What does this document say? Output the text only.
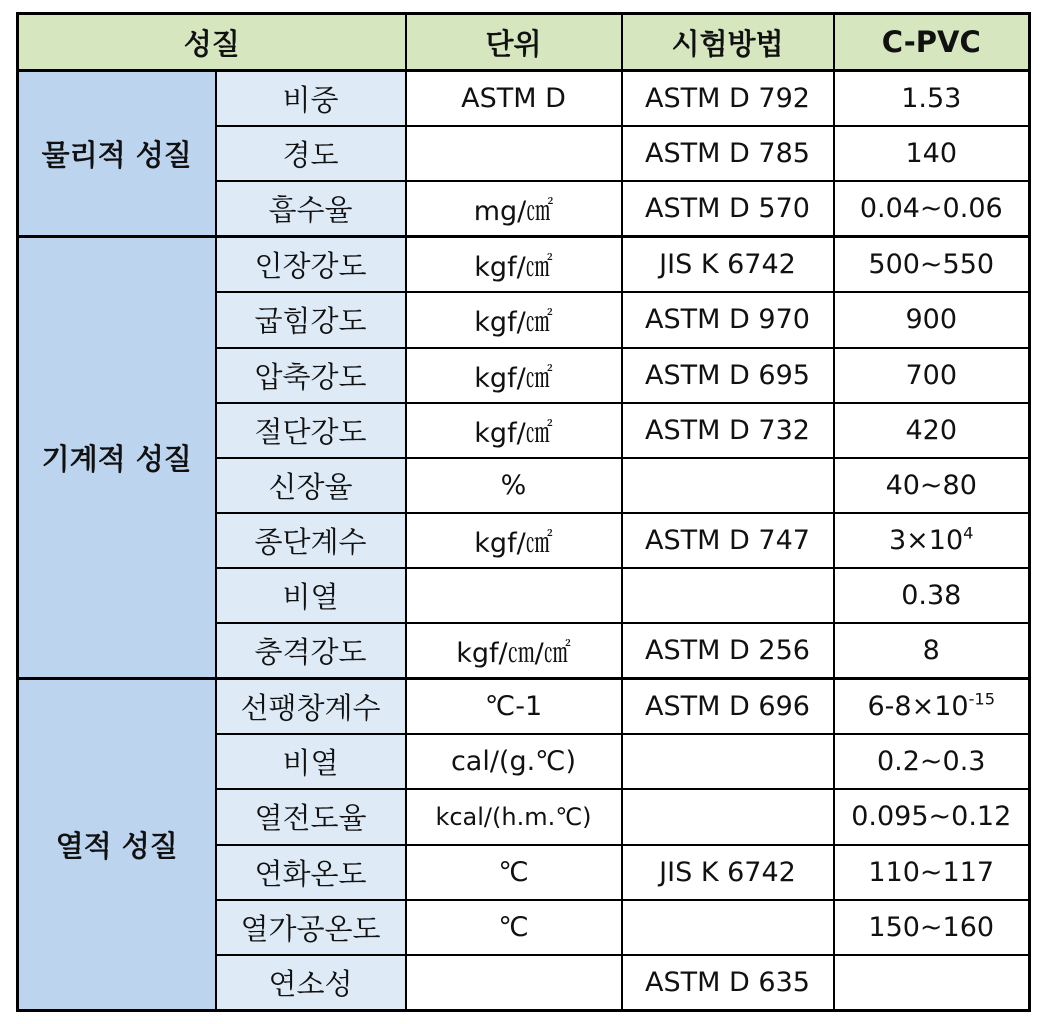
성질		단위	시험방법	C-PVC
물리적 성질	비중	ASTM D	ASTM D 792	1.53
	경도		ASTM D 785	140
	흡수율	mg/㎠	ASTM D 570	0.04~0.06
기계적 성질	인장강도	kgf/㎠	JIS K 6742	500~550
	굽힘강도	kgf/㎠	ASTM D 970	900
	압축강도	kgf/㎠	ASTM D 695	700
	절단강도	kgf/㎠	ASTM D 732	420
	신장율	%		40~80
	종단계수	kgf/㎠	ASTM D 747	$3\times 10^4$
	비열			0.38
	충격강도	kgf/㎝/㎠	ASTM D 256	8
열적 성질	선팽창계수	℃-1	ASTM D 696	$6-8\times 10^{-15}$
	비열	cal/(g.℃)		0.2~0.3
	열전도율	kcal/(h.m.℃)		0.095~0.12
	연화온도	℃	JIS K 6742	110~117
	열가공온도	℃		150~160
	연소성		ASTM D 635	
